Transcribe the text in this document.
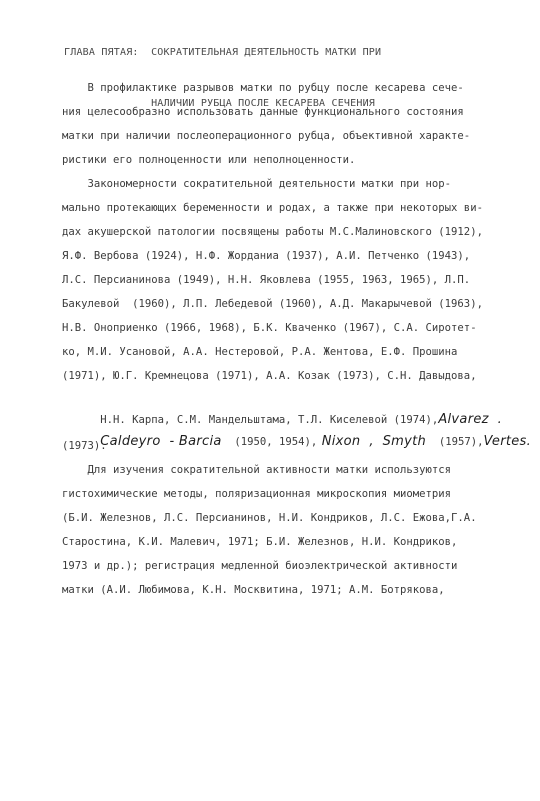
ГЛАВА ПЯТАЯ:  СОКРАТИТЕЛЬНАЯ ДЕЯТЕЛЬНОСТЬ МАТКИ ПРИ

НАЛИЧИИ РУБЦА ПОСЛЕ КЕСАРЕВА СЕЧЕНИЯ

В профилактике разрывов матки по рубцу после кесарева сече-
ния целесообразно использовать данные функционального состояния
матки при наличии послеоперационного рубца, объективной характе-
ристики его полноценности или неполноценности.
Закономерности сократительной деятельности матки при нор-
мально протекающих беременности и родах, а также при некоторых ви-
дах акушерской патологии посвящены работы М.С.Малиновского (1912),
Я.Ф. Вербова (1924), Н.Ф. Жорданиа (1937), А.И. Петченко (1943),
Л.С. Персианинова (1949), Н.Н. Яковлева (1955, 1963, 1965), Л.П.
Бакулевой  (1960), Л.П. Лебедевой (1960), А.Д. Макарычевой (1963),
Н.В. Оноприенко (1966, 1968), Б.К. Кваченко (1967), С.А. Сиротет-
ко, М.И. Усановой, А.А. Нестеровой, Р.А. Жентова, Е.Ф. Прошина
(1971), Ю.Г. Кремнецова (1971), А.А. Козак (1973), С.Н. Давыдова,

Н.Н. Карпа, С.М. Мандельштама, Т.Л. Киселевой (1974),Alvarez  .

Caldeyro  - Barcia  (1950, 1954), Nixon  ,  Smyth  (1957),Vertes.

(1973).
Для изучения сократительной активности матки используются
гистохимические методы, поляризационная микроскопия миометрия
(Б.И. Железнов, Л.С. Персианинов, Н.И. Кондриков, Л.С. Ежова,Г.А.
Старостина, К.И. Малевич, 1971; Б.И. Железнов, Н.И. Кондриков,
1973 и др.); регистрация медленной биоэлектрической активности
матки (А.И. Любимова, К.Н. Москвитина, 1971; А.М. Ботрякова,
